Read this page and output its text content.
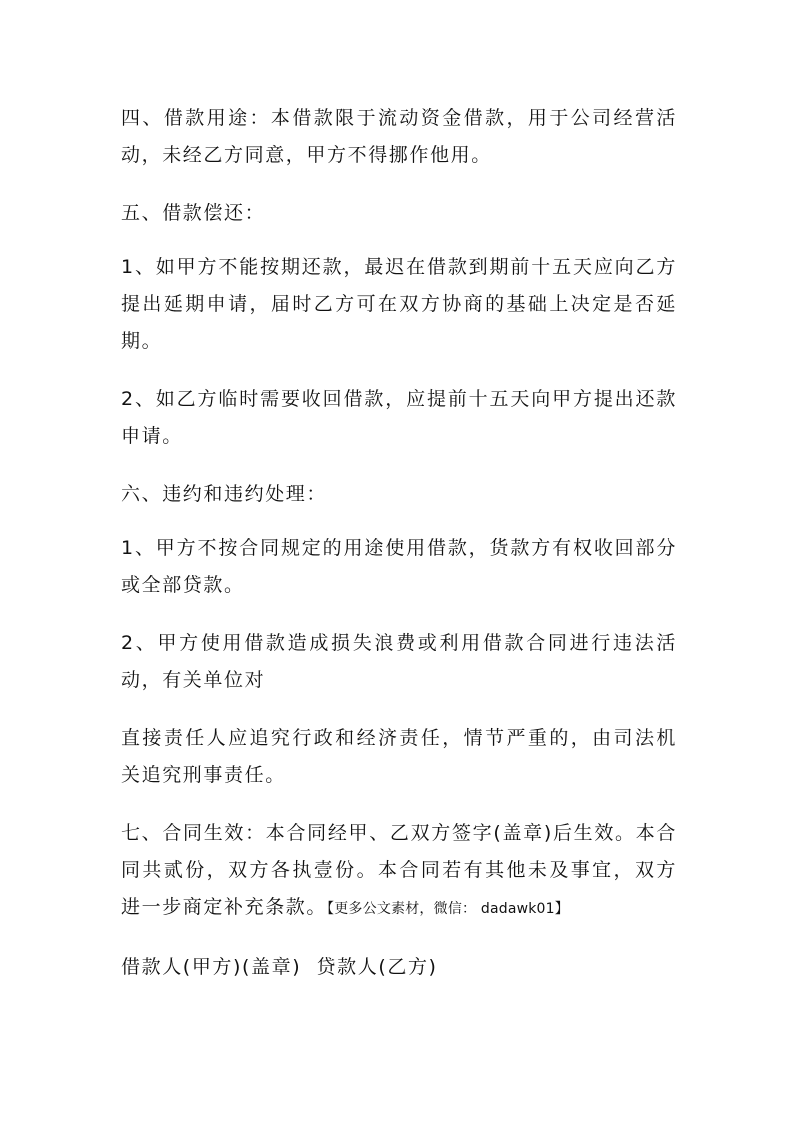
四、借款用途：本借款限于流动资金借款，用于公司经营活动，未经乙方同意，甲方不得挪作他用。

五、借款偿还：

1、如甲方不能按期还款，最迟在借款到期前十五天应向乙方提出延期申请，届时乙方可在双方协商的基础上决定是否延期。

2、如乙方临时需要收回借款，应提前十五天向甲方提出还款申请。

六、违约和违约处理：

1、甲方不按合同规定的用途使用借款，货款方有权收回部分或全部贷款。

2、甲方使用借款造成损失浪费或利用借款合同进行违法活动，有关单位对

直接责任人应追究行政和经济责任，情节严重的，由司法机关追究刑事责任。

七、合同生效：本合同经甲、乙双方签字(盖章)后生效。本合同共贰份，双方各执壹份。本合同若有其他未及事宜，双方进一步商定补充条款。【更多公文素材，微信： dadawk01】

借款人(甲方)(盖章)  贷款人(乙方)
